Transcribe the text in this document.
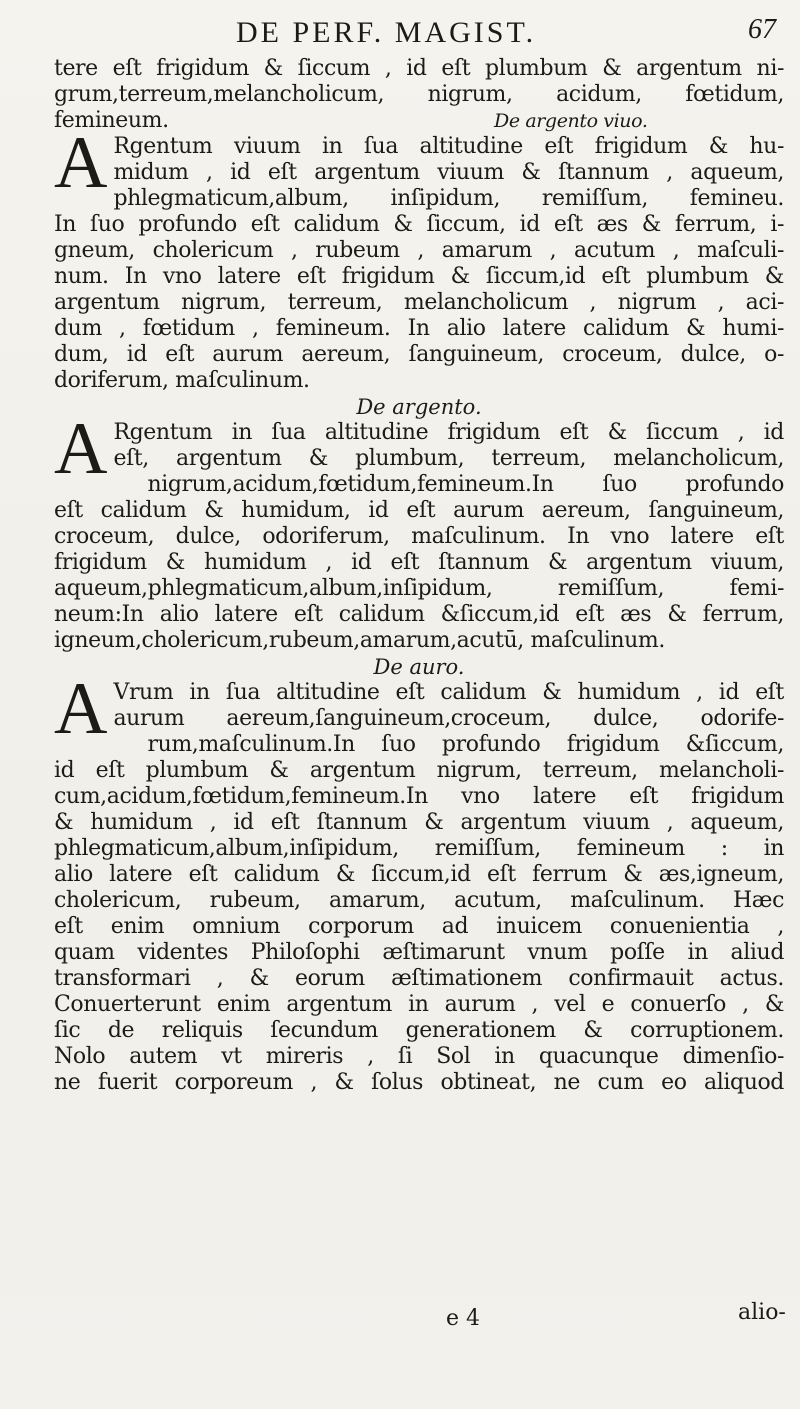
DE PERF. MAGIST.	67
tere eſt frigidum & ſiccum , id eſt plumbum & argentum ni-
grum,terreum,melancholicum, nigrum, acidum, fœtidum,
femineum.	De argento viuo.
A Rgentum viuum in ſua altitudine eſt frigidum & hu-
midum , id eſt argentum viuum & ſtannum , aqueum,
phlegmaticum,album, inſipidum, remiſſum, femineu.
In ſuo profundo eſt calidum & ſiccum, id eſt æs & ferrum, i-
gneum, cholericum , rubeum , amarum , acutum , maſculi-
num. In vno latere eſt frigidum & ſiccum,id eſt plumbum &
argentum nigrum, terreum, melancholicum , nigrum , aci-
dum , fœtidum , femineum. In alio latere calidum & humi-
dum, id eſt aurum aereum, ſanguineum, croceum, dulce, o-
doriferum, maſculinum.
De argento.
A Rgentum in ſua altitudine frigidum eſt & ſiccum , id
eſt, argentum & plumbum, terreum, melancholicum,
nigrum,acidum,fœtidum,femineum.In ſuo profundo
eſt calidum & humidum, id eſt aurum aereum, ſanguineum,
croceum, dulce, odoriferum, maſculinum. In vno latere eſt
frigidum & humidum , id eſt ſtannum & argentum viuum,
aqueum,phlegmaticum,album,inſipidum, remiſſum, femi-
neum:In alio latere eſt calidum &ſiccum,id eſt æs & ferrum,
igneum,cholericum,rubeum,amarum,acutū, maſculinum.
De auro.
A Vrum in ſua altitudine eſt calidum & humidum , id eſt
aurum aereum,ſanguineum,croceum, dulce, odorife-
rum,maſculinum.In ſuo profundo frigidum &ſiccum,
id eſt plumbum & argentum nigrum, terreum, melancholi-
cum,acidum,fœtidum,femineum.In vno latere eſt frigidum
& humidum , id eſt ſtannum & argentum viuum , aqueum,
phlegmaticum,album,inſipidum, remiſſum, femineum : in
alio latere eſt calidum & ſiccum,id eſt ferrum & æs,igneum,
cholericum, rubeum, amarum, acutum, maſculinum. Hæc
eſt enim omnium corporum ad inuicem conuenientia ,
quam videntes Philoſophi æſtimarunt vnum poſſe in aliud
transformari , & eorum æſtimationem confirmauit actus.
Conuerterunt enim argentum in aurum , vel e conuerſo , &
ſic de reliquis ſecundum generationem & corruptionem.
Nolo autem vt mireris , ſi Sol in quacunque dimenſio-
ne fuerit corporeum , & ſolus obtineat, ne cum eo aliquod
e 4	alio-
